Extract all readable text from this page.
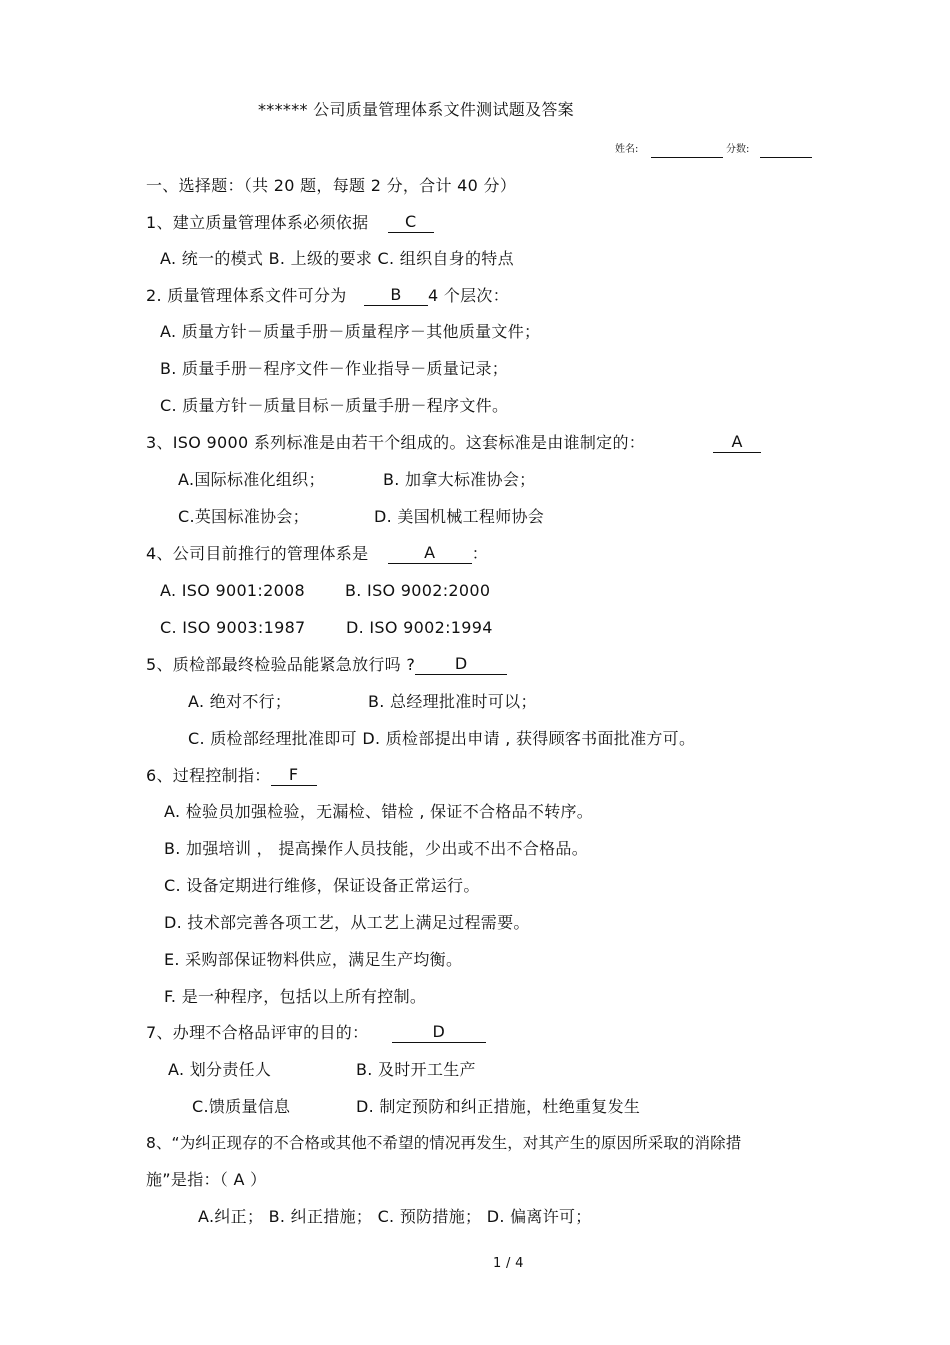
****** 公司质量管理体系文件测试题及答案
姓名:	分数:
一、选择题：（共 20 题，每题 2 分，合计 40 分）
1、建立质量管理体系必须依据 C
A. 统一的模式 B. 上级的要求 C. 组织自身的特点
2. 质量管理体系文件可分为	B 4 个层次：
A. 质量方针－质量手册－质量程序－其他质量文件；
B. 质量手册－程序文件－作业指导－质量记录；
C. 质量方针－质量目标－质量手册－程序文件。
3、ISO 9000 系列标准是由若干个组成的。这套标准是由谁制定的：	A
A.国际标准化组织；	B. 加拿大标准协会；
C.英国标准协会；	D. 美国机械工程师协会
4、公司目前推行的管理体系是	A ：
A. ISO 9001:2008 B. ISO 9002:2000
C. ISO 9003:1987	D. ISO 9002:1994
5、质检部最终检验品能紧急放行吗 ? D
A. 绝对不行；	B. 总经理批准时可以；
C. 质检部经理批准即可 D. 质检部提出申请 , 获得顾客书面批准方可。
6、过程控制指： F
A. 检验员加强检验，无漏检、错检 , 保证不合格品不转序。
B. 加强培训 ， 提高操作人员技能，少出或不出不合格品。
C. 设备定期进行维修，保证设备正常运行。
D. 技术部完善各项工艺，从工艺上满足过程需要。
E. 采购部保证物料供应，满足生产均衡。
F. 是一种程序，包括以上所有控制。
7、办理不合格品评审的目的：	D
A. 划分责任人	B. 及时开工生产
C.馈质量信息	D. 制定预防和纠正措施，杜绝重复发生
8、“为纠正现存的不合格或其他不希望的情况再发生，对其产生的原因所采取的消除措
施”是指：（ A ）
A.纠正； B. 纠正措施； C. 预防措施； D. 偏离许可；
1 / 4
